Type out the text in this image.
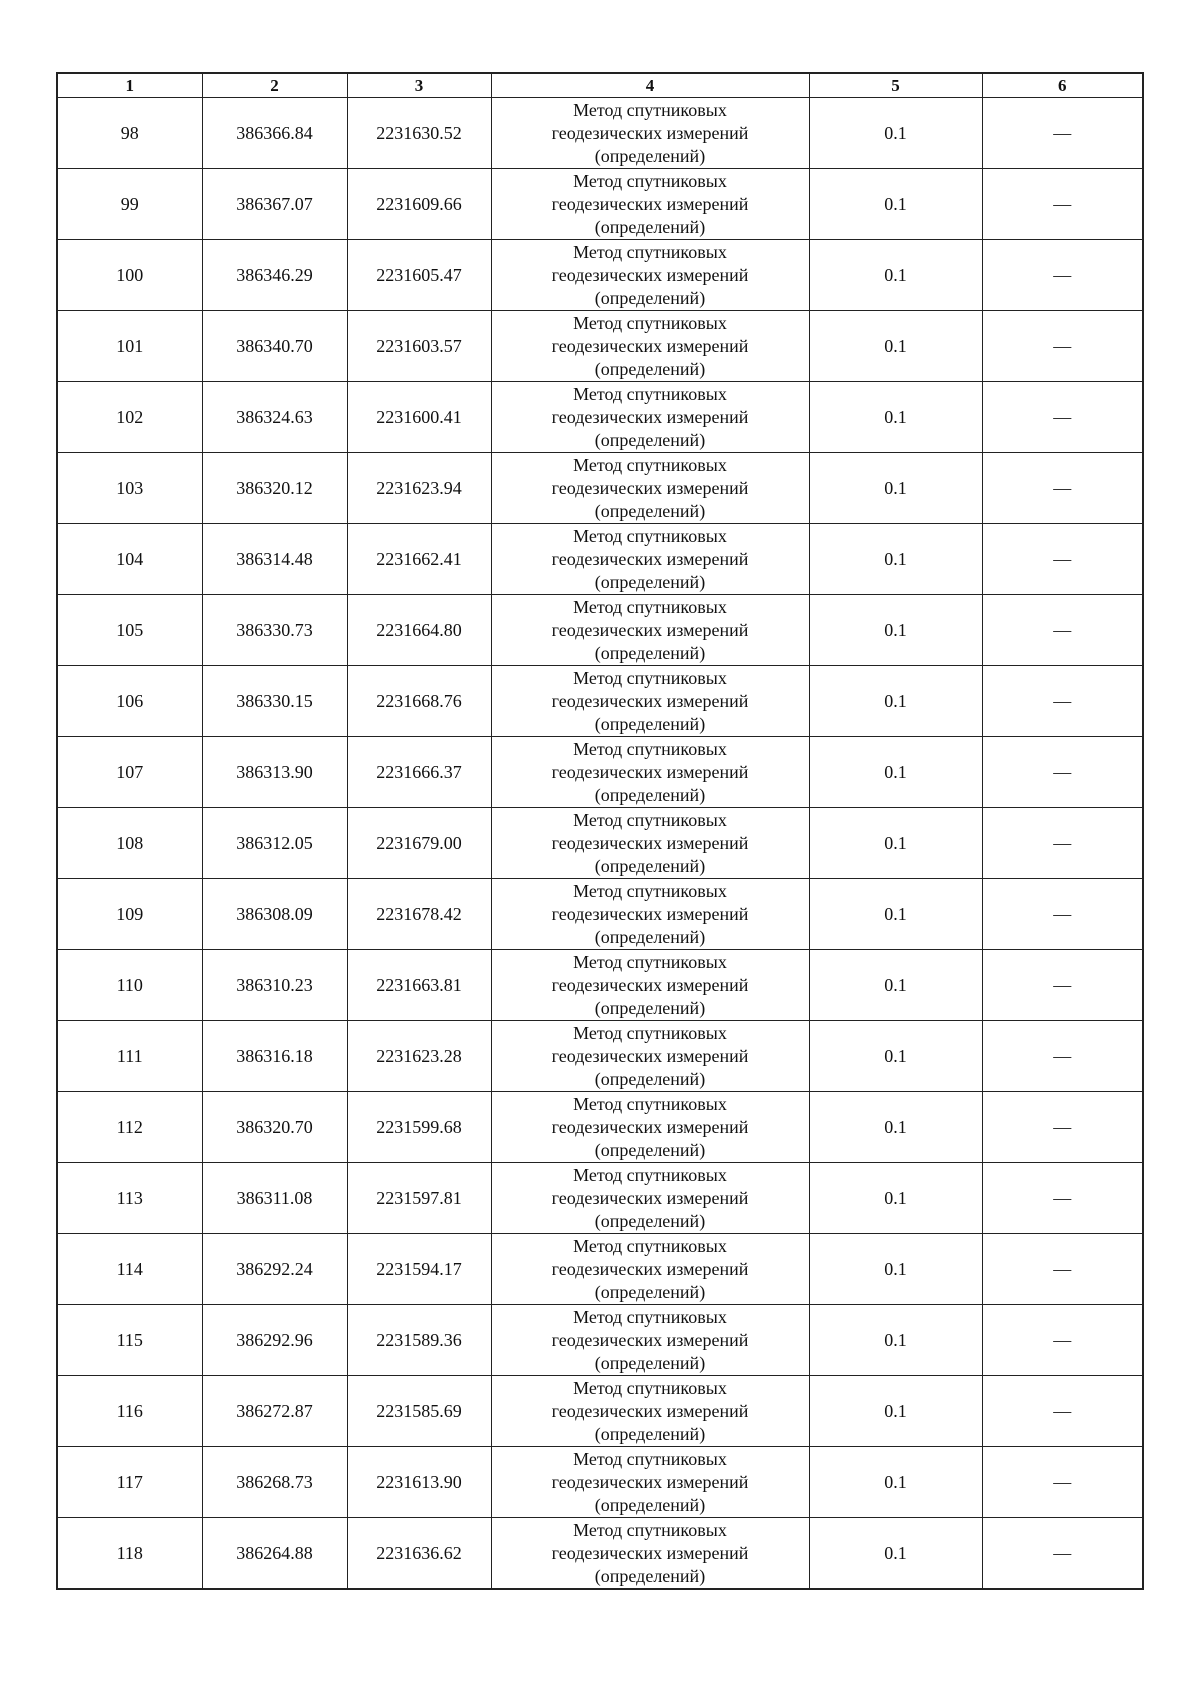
1	2	3	4	5	6
98	386366.84	2231630.52	Метод спутниковых
геодезических измерений
(определений)	0.1	—
99	386367.07	2231609.66	Метод спутниковых
геодезических измерений
(определений)	0.1	—
100	386346.29	2231605.47	Метод спутниковых
геодезических измерений
(определений)	0.1	—
101	386340.70	2231603.57	Метод спутниковых
геодезических измерений
(определений)	0.1	—
102	386324.63	2231600.41	Метод спутниковых
геодезических измерений
(определений)	0.1	—
103	386320.12	2231623.94	Метод спутниковых
геодезических измерений
(определений)	0.1	—
104	386314.48	2231662.41	Метод спутниковых
геодезических измерений
(определений)	0.1	—
105	386330.73	2231664.80	Метод спутниковых
геодезических измерений
(определений)	0.1	—
106	386330.15	2231668.76	Метод спутниковых
геодезических измерений
(определений)	0.1	—
107	386313.90	2231666.37	Метод спутниковых
геодезических измерений
(определений)	0.1	—
108	386312.05	2231679.00	Метод спутниковых
геодезических измерений
(определений)	0.1	—
109	386308.09	2231678.42	Метод спутниковых
геодезических измерений
(определений)	0.1	—
110	386310.23	2231663.81	Метод спутниковых
геодезических измерений
(определений)	0.1	—
111	386316.18	2231623.28	Метод спутниковых
геодезических измерений
(определений)	0.1	—
112	386320.70	2231599.68	Метод спутниковых
геодезических измерений
(определений)	0.1	—
113	386311.08	2231597.81	Метод спутниковых
геодезических измерений
(определений)	0.1	—
114	386292.24	2231594.17	Метод спутниковых
геодезических измерений
(определений)	0.1	—
115	386292.96	2231589.36	Метод спутниковых
геодезических измерений
(определений)	0.1	—
116	386272.87	2231585.69	Метод спутниковых
геодезических измерений
(определений)	0.1	—
117	386268.73	2231613.90	Метод спутниковых
геодезических измерений
(определений)	0.1	—
118	386264.88	2231636.62	Метод спутниковых
геодезических измерений
(определений)	0.1	—
